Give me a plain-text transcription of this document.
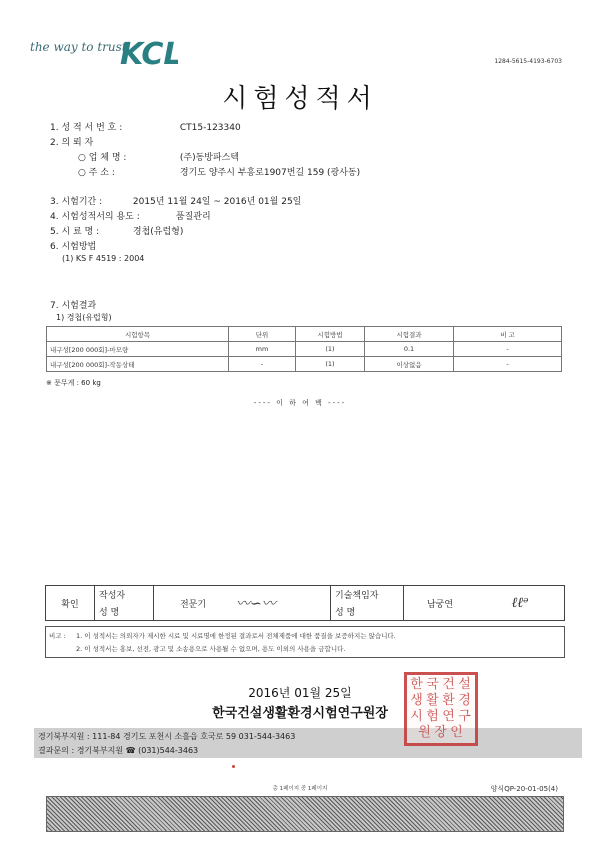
the way to trust
KCL	1284-5615-4193-6703
시험성적서
1. 성 적 서 번 호 :	CT15-123340
2. 의 뢰 자
○ 업 체 명 :	(주)동방파스텍
○ 주 소 :	경기도 양주시 부흥로1907번길 159 (광사동)
3. 시험기간 :	2015년 11월 24일 ~ 2016년 01월 25일
4. 시험성적서의 용도 :	품질관리
5. 시 료 명 :	경첩(유럽형)
6. 시험방법
(1) KS F 4519 : 2004
7. 시험결과
1) 경첩(유럽형)
시험항목	단위	시험방법	시험결과	비 고
내구성[200 000회]-마모량	mm	(1)	0.1	-
내구성[200 000회]-작동상태	-	(1)	이상없음	-
※ 문무게 : 60 kg
---- 이 하 여 백 ----
확인	작성자	전문기	〰︎∽〰︎	기술책임자	남궁연	ℓℓᵊ
	성 명			성 명		
비고 : 1. 이 성적서는 의뢰자가 제시한 시료 및 시료명에 한정된 결과로서 전체제품에 대한 품질을 보증하지는 않습니다.
2. 이 성적서는 홍보, 선전, 광고 및 소송용으로 사용될 수 없으며, 용도 이외의 사용을 금합니다.
2016년 01월 25일
한국건설생활환경시험연구원장
경기북부지원 : 111-84 경기도 포천시 소흘읍 호국로 59 031-544-3463
결과문의 : 경기북부지원 ☎ (031)544-3463
한 국 건 설
생 활 환 경
시 험 연 구
원 장 인
총 1페이지 중 1페이지	양식QP-20-01-05(4)
